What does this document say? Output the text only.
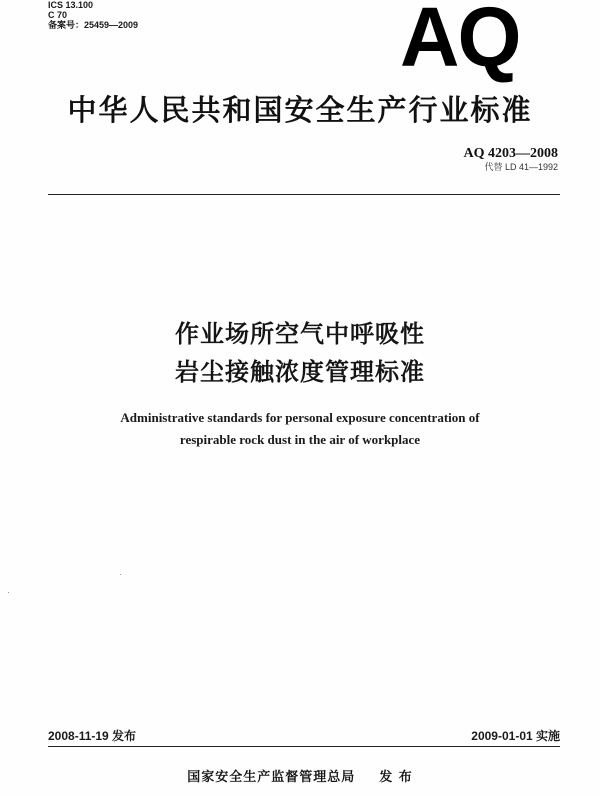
ICS 13.100
C 70
备案号：25459—2009	AQ
中华人民共和国安全生产行业标准
AQ 4203—2008
代替 LD 41—1992
作业场所空气中呼吸性
岩尘接触浓度管理标准
Administrative standards for personal exposure concentration of
respirable rock dust in the air of workplace
2008-11-19 发布	2009-01-01 实施
国家安全生产监督管理总局 发 布
